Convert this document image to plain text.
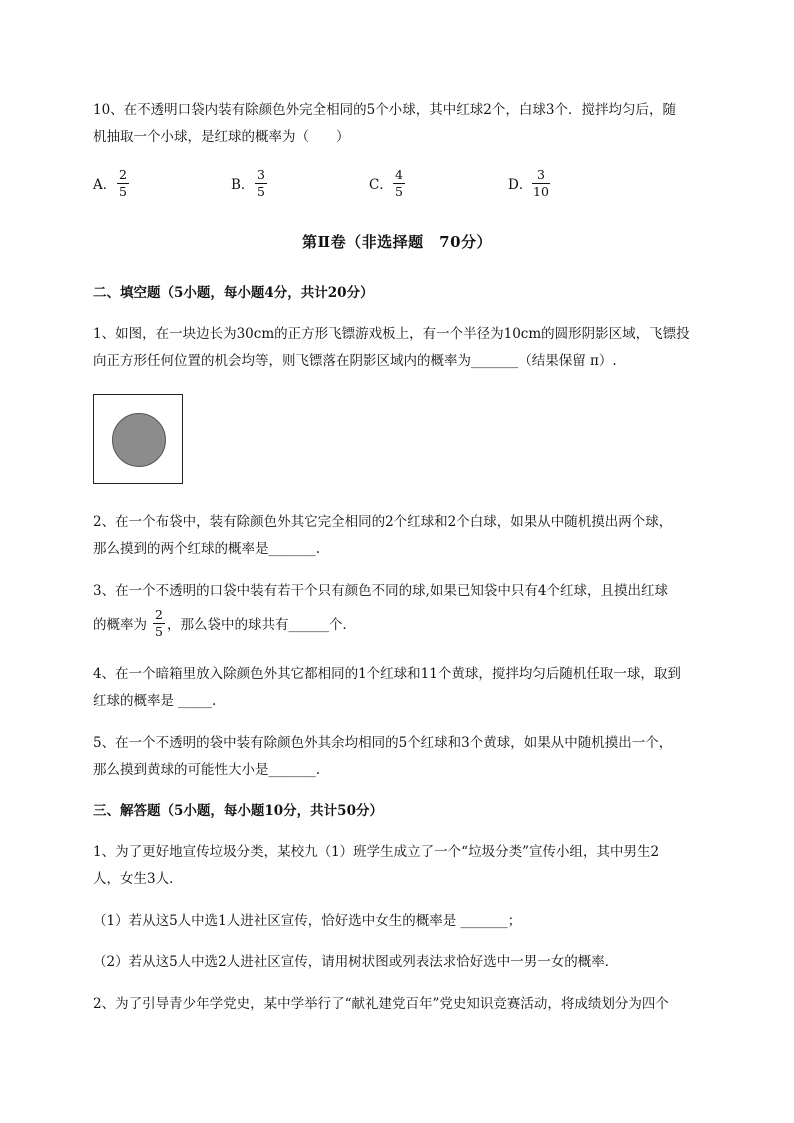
10、在不透明口袋内装有除颜色外完全相同的5个小球，其中红球2个，白球3个．搅拌均匀后，随
机抽取一个小球，是红球的概率为（　　）
A．
2
5	B．
3
5	C．
4
5	D．
3
10
第Ⅱ卷（非选择题　70分）
二、填空题（5小题，每小题4分，共计20分）
1、如图，在一块边长为30cm的正方形飞镖游戏板上，有一个半径为10cm的圆形阴影区域，飞镖投
向正方形任何位置的机会均等，则飞镖落在阴影区域内的概率为_______（结果保留 π）.
2、在一个布袋中，装有除颜色外其它完全相同的2个红球和2个白球，如果从中随机摸出两个球，
那么摸到的两个红球的概率是_______.
3、在一个不透明的口袋中装有若干个只有颜色不同的球,如果已知袋中只有4个红球，且摸出红球
的概率为
2
5 ，那么袋中的球共有______个．
4、在一个暗箱里放入除颜色外其它都相同的1个红球和11个黄球，搅拌均匀后随机任取一球，取到
红球的概率是 _____.
5、在一个不透明的袋中装有除颜色外其余均相同的5个红球和3个黄球，如果从中随机摸出一个，
那么摸到黄球的可能性大小是_______.
三、解答题（5小题，每小题10分，共计50分）
1、为了更好地宣传垃圾分类，某校九（1）班学生成立了一个“垃圾分类”宣传小组，其中男生2
人，女生3人．
（1）若从这5人中选1人进社区宣传，恰好选中女生的概率是 _______；
（2）若从这5人中选2人进社区宣传，请用树状图或列表法求恰好选中一男一女的概率．
2、为了引导青少年学党史，某中学举行了“献礼建党百年”党史知识竞赛活动，将成绩划分为四个
